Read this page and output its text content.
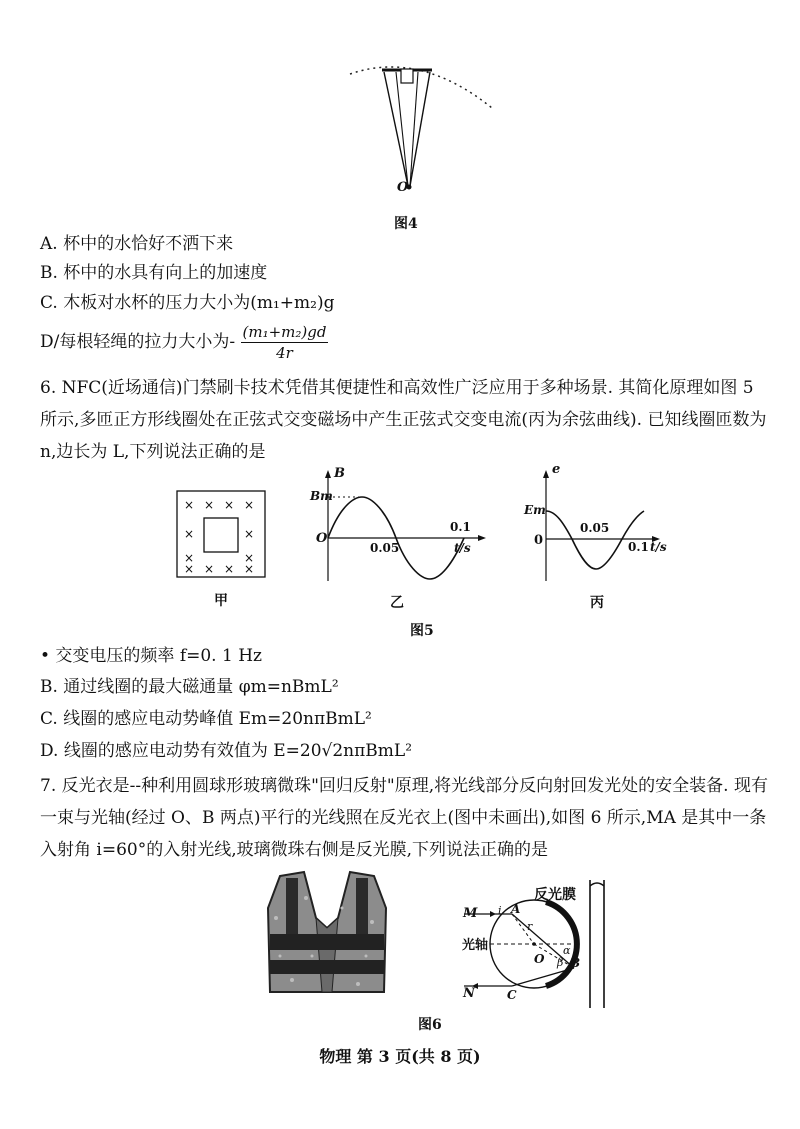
O
图4
A. 杯中的水恰好不洒下来
B. 杯中的水具有向上的加速度
C. 木板对水杯的压力大小为(m₁+m₂)g
D/每根轻绳的拉力大小为- $\frac{\text{(m₁+m₂)gd}}{4r}$
6. NFC(近场通信)门禁刷卡技术凭借其便捷性和高效性广泛应用于多种场景. 其简化原理如图 5 所示,多匝正方形线圈处在正弦式交变磁场中产生正弦式交变电流(丙为余弦曲线). 已知线圈匝数为 n,边长为 L,下列说法正确的是
× × × ×
×	×
×	×
× × × ×
甲
B
Bm
O
0.05
0.1
t/s
乙
e
Em
0
0.05
0.1 t/s
丙
图5
• 交变电压的频率 f=0. 1 Hz
B. 通过线圈的最大磁通量 φm=nBmL²
C. 线圈的感应电动势峰值 Em=20nπBmL²
D. 线圈的感应电动势有效值为 E=20√2nπBmL²
7. 反光衣是--种利用圆球形玻璃微珠"回归反射"原理,将光线部分反向射回发光处的安全装备. 现有一束与光轴(经过 O、B 两点)平行的光线照在反光衣上(图中未画出),如图 6 所示,MA 是其中一条入射角 i=60°的入射光线,玻璃微珠右侧是反光膜,下列说法正确的是
反光膜
光轴
M
N
A
i
r
O
α
β B
C
图6
物理 第 3 页(共 8 页)
